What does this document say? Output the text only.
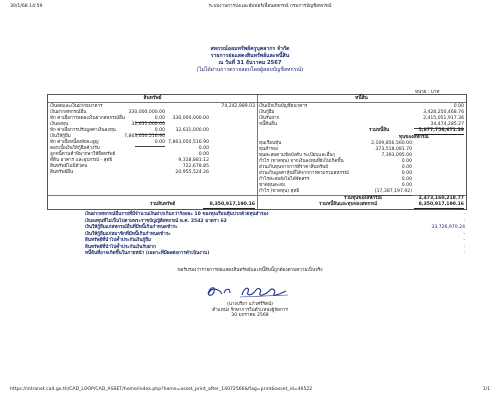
30/1/68 14:59	ระบบงานการบ่งและสัมฟอร์เพื่อนสหกรณ์ กรมการบัญชีสหกรณ์
สหกรณ์ออมทรัพย์ครูบุคลากร จำกัด
รายการย่อแสดงสินทรัพย์และหนี้สิน
ณ วันที่ 31 ธันวาคม 2567
(ไม่ได้ผ่านการตรวจสอบโดยผู้สอบบัญชีสหกรณ์)
หน่วย : บาท
สินทรัพย์	หนี้สิน
เงินสดและเงินฝากธนาคาร	74,242,989.03
เงินฝากสหกรณ์อื่น	330,000,000.00
หัก ค่าเผื่อการลดลงเงินฝากสหกรณ์อื่น	0.00	330,000,000.00
เงินลงทุน	32,631,000.00
หัก ค่าเผื่อการปรับมูลค่าเงินลงทุน	0.00	32,631,000.00
เงินให้กู้ยืม	7,863,050,516.90
หัก ค่าเผื่อหนี้สงสัยจะสูญ	0.00 7,863,050,516.90
ดอกเบี้ยเงินให้กู้ยืมค้างรับ	0.00
ลูกหนี้ตามคำพิพากษาให้ยึดทรัพย์	0.00
ที่ดิน อาคาร และอุปกรณ์ - สุทธิ	9,318,881.12
สินทรัพย์ไม่มีตัวตน	722,678.85
สินทรัพย์อื่น	20,955,524.26
เงินเบิกเกินบัญชีธนาคาร	0.00
เงินกู้ยืม	3,428,250,468.76
เงินรับฝาก	2,415,051,917.36
หนี้สินอื่น	34,474,285.27
รวมหนี้สิน	5,877,756,671.39
ทุนของสหกรณ์
ทุนเรือนหุ้น	2,109,856,560.00
ทุนสำรอง	373,518,081.70
ทุนสะสมตามข้อบังคับ ระเบียบและอื่นๆ	7,393,095.00
กำไร (ขาดทุน) จากเงินลงทุนที่ยังไม่เกิดขึ้น	0.00
ส่วนเกินทุนจากการตีราคาสินทรัพย์	0.00
ส่วนเกินมูลค่าหุ้นที่ได้จากการควบรวมสหกรณ์	0.00
กำไรสะสมยังไม่ได้จัดสรร	0.00
ขาดทุนสะสม	0.00
กำไร (ขาดทุน) สุทธิ	(17,387,197.92)
รวมทุนของสหกรณ์	2,473,160,218.77
รวมสินทรัพย์	8,350,917,190.16	รวมหนี้สินและทุนของสหกรณ์	8,350,917,190.16
เงินฝากสหกรณ์อื่นรายที่มีจำนวนเงินฝากเกินกว่าร้อยละ 10 ของทุนเรือนหุ้นบวกด้วยทุนสำรอง	-
เงินลงทุนที่ไม่เป็นไปตามพระราชบัญญัติสหกรณ์ พ.ศ. 2542 มาตรา 62	-
เงินให้กู้ยืมแก่สหกรณ์อื่นที่มีหนี้เกินกำหนดชำระ	33,726,970.24
เงินให้กู้ยืมแก่สมาชิกที่มีหนี้เกินกำหนดชำระ	-
สินทรัพย์ที่นำไปค้ำประกันเงินกู้ยืม	-
สินทรัพย์ที่นำไปค้ำประกันเงินรับฝาก	-
หนี้สินที่อาจเกิดขึ้นในภายหน้า (เฉพาะที่มีผลต่อการดำเนินงาน)	-
ขอรับรองว่ารายการย่อแสดงสินทรัพย์และหนี้สินนี้ถูกต้องตามความเป็นจริง
(นางปรียา แก้วศรีรัตน์)
ตำแหน่ง รักษาการในตำแหน่งผู้จัดการ
30 มกราคม 2568
https://intranet.cad.go.th/CAD_LOOP/CAD_ASSET/home/index.php?home=asset_print_after_14072566&flag=print&asset_id=46522	1/1
